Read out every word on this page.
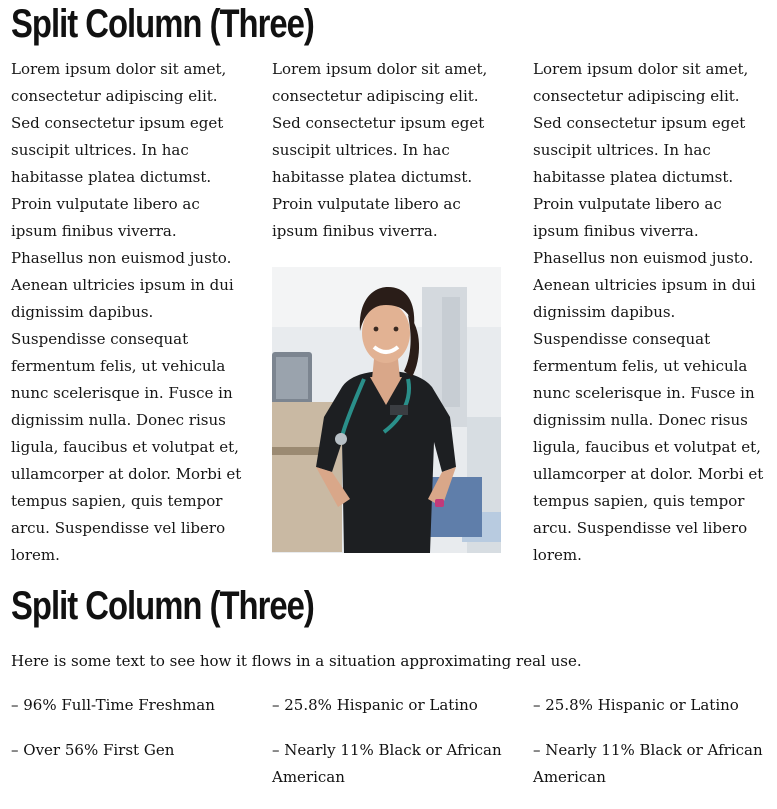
Split Column (Three)

Lorem ipsum dolor sit amet, consectetur adipiscing elit. Sed consectetur ipsum eget suscipit ultrices. In hac habitasse platea dictumst. Proin vulputate libero ac ipsum finibus viverra. Phasellus non euismod justo. Aenean ultricies ipsum in dui dignissim dapibus. Suspendisse consequat fermentum felis, ut vehicula nunc scelerisque in. Fusce in dignissim nulla. Donec risus ligula, faucibus et volutpat et, ullamcorper at dolor. Morbi et tempus sapien, quis tempor arcu. Suspendisse vel libero lorem.

Lorem ipsum dolor sit amet, consectetur adipiscing elit. Sed consectetur ipsum eget suscipit ultrices. In hac habitasse platea dictumst. Proin vulputate libero ac ipsum finibus viverra.

Lorem ipsum dolor sit amet, consectetur adipiscing elit. Sed consectetur ipsum eget suscipit ultrices. In hac habitasse platea dictumst. Proin vulputate libero ac ipsum finibus viverra. Phasellus non euismod justo. Aenean ultricies ipsum in dui dignissim dapibus. Suspendisse consequat fermentum felis, ut vehicula nunc scelerisque in. Fusce in dignissim nulla. Donec risus ligula, faucibus et volutpat et, ullamcorper at dolor. Morbi et tempus sapien, quis tempor arcu. Suspendisse vel libero lorem.

Split Column (Three)
Here is some text to see how it flows in a situation approximating real use.

– 96% Full-Time Freshman

– Over 56% First Gen

– 25.8% Hispanic or Latino

– Nearly 11% Black or African American

– 25.8% Hispanic or Latino

– Nearly 11% Black or African American
